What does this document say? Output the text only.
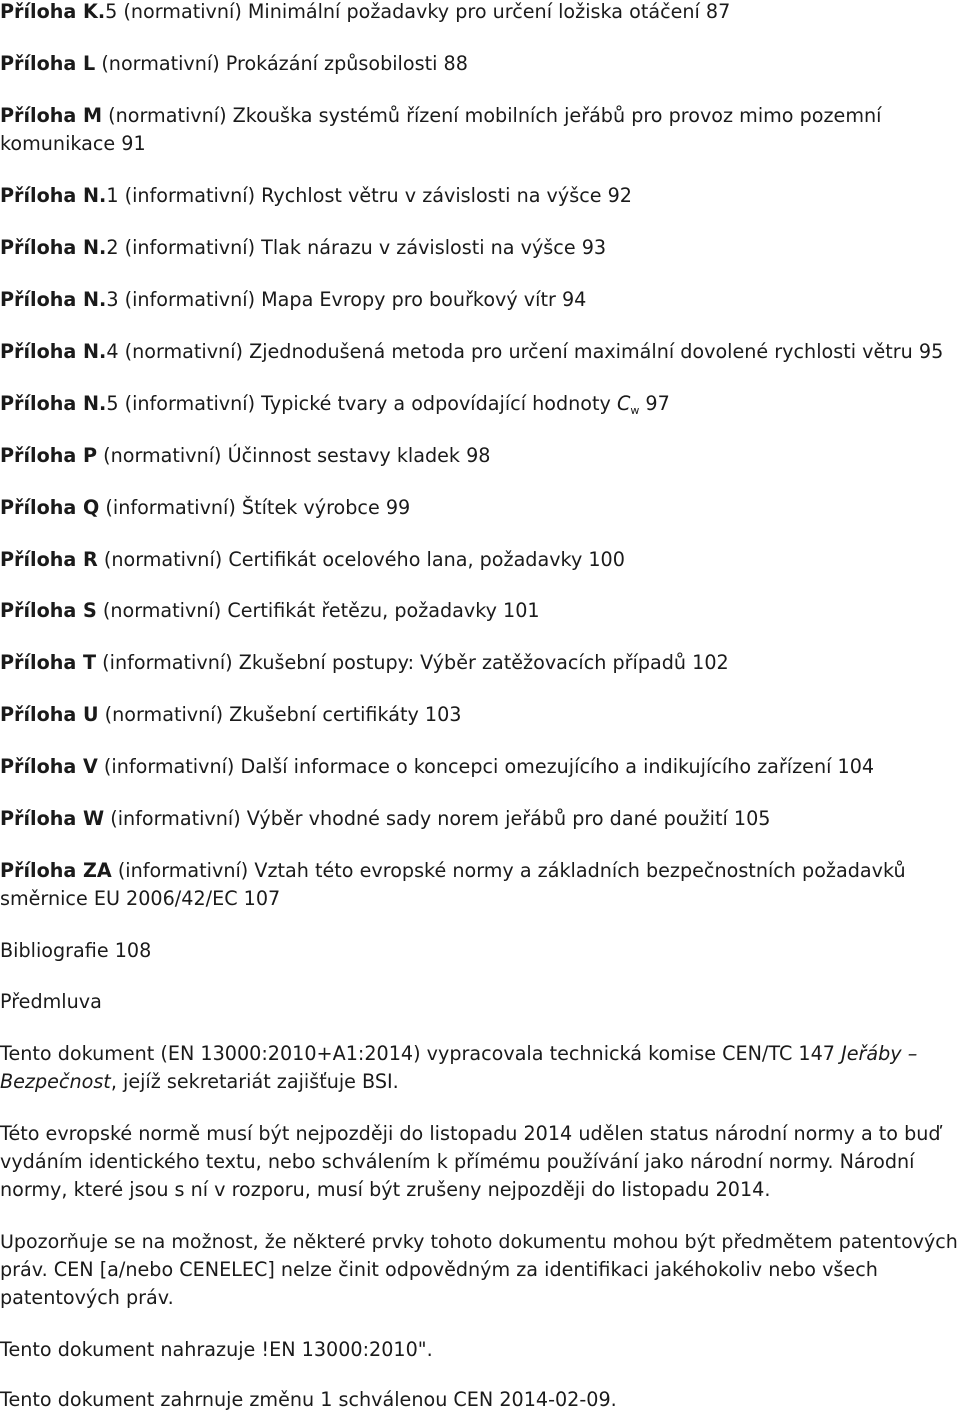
Příloha K.5 (normativní) Minimální požadavky pro určení ložiska otáčení 87
Příloha L (normativní) Prokázání způsobilosti 88
Příloha M (normativní) Zkouška systémů řízení mobilních jeřábů pro provoz mimo pozemní
komunikace 91
Příloha N.1 (informativní) Rychlost větru v závislosti na výšce 92
Příloha N.2 (informativní) Tlak nárazu v závislosti na výšce 93
Příloha N.3 (informativní) Mapa Evropy pro bouřkový vítr 94
Příloha N.4 (normativní) Zjednodušená metoda pro určení maximální dovolené rychlosti větru 95
Příloha N.5 (informativní) Typické tvary a odpovídající hodnoty $C_w$ 97
Příloha P (normativní) Účinnost sestavy kladek 98
Příloha Q (informativní) Štítek výrobce 99
Příloha R (normativní) Certifikát ocelového lana, požadavky 100
Příloha S (normativní) Certifikát řetězu, požadavky 101
Příloha T (informativní) Zkušební postupy: Výběr zatěžovacích případů 102
Příloha U (normativní) Zkušební certifikáty 103
Příloha V (informativní) Další informace o koncepci omezujícího a indikujícího zařízení 104
Příloha W (informativní) Výběr vhodné sady norem jeřábů pro dané použití 105
Příloha ZA (informativní) Vztah této evropské normy a základních bezpečnostních požadavků
směrnice EU 2006/42/EC 107
Bibliografie 108
Předmluva
Tento dokument (EN 13000:2010+A1:2014) vypracovala technická komise CEN/TC 147 Jeřáby –
Bezpečnost, jejíž sekretariát zajišťuje BSI.
Této evropské normě musí být nejpozději do listopadu 2014 udělen status národní normy a to buď
vydáním identického textu, nebo schválením k přímému používání jako národní normy. Národní
normy, které jsou s ní v rozporu, musí být zrušeny nejpozději do listopadu 2014.
Upozorňuje se na možnost, že některé prvky tohoto dokumentu mohou být předmětem patentových
práv. CEN [a/nebo CENELEC] nelze činit odpovědným za identifikaci jakéhokoliv nebo všech
patentových práv.
Tento dokument nahrazuje !EN 13000:2010".
Tento dokument zahrnuje změnu 1 schválenou CEN 2014-02-09.
